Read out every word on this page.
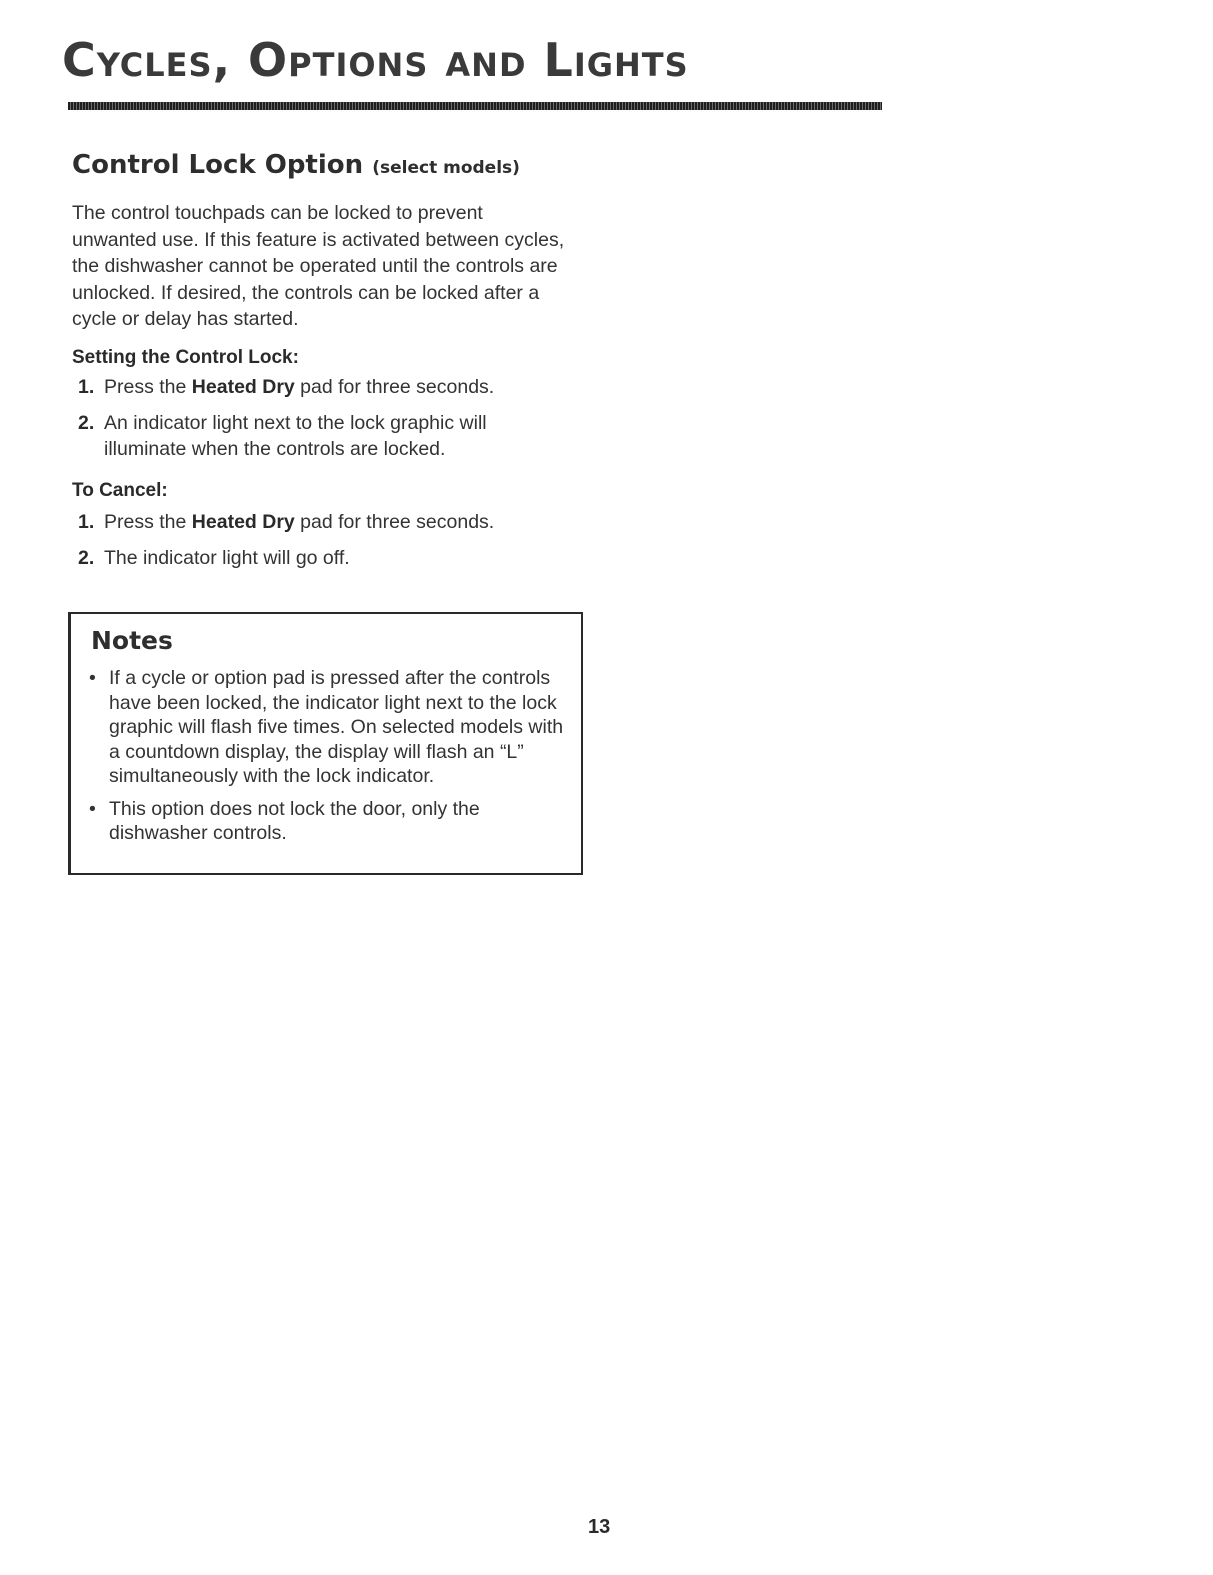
Cycles, Options and Lights
Control Lock Option (select models)

The control touchpads can be locked to prevent unwanted use. If this feature is activated between cycles, the dishwasher cannot be operated until the controls are unlocked. If desired, the controls can be locked after a cycle or delay has started.

Setting the Control Lock:
1. Press the Heated Dry pad for three seconds.
2. An indicator light next to the lock graphic will illuminate when the controls are locked.
To Cancel:
1. Press the Heated Dry pad for three seconds.
2. The indicator light will go off.
Notes
• If a cycle or option pad is pressed after the controls have been locked, the indicator light next to the lock graphic will flash five times. On selected models with a countdown display, the display will flash an “L” simultaneously with the lock indicator.
• This option does not lock the door, only the dishwasher controls.

13
